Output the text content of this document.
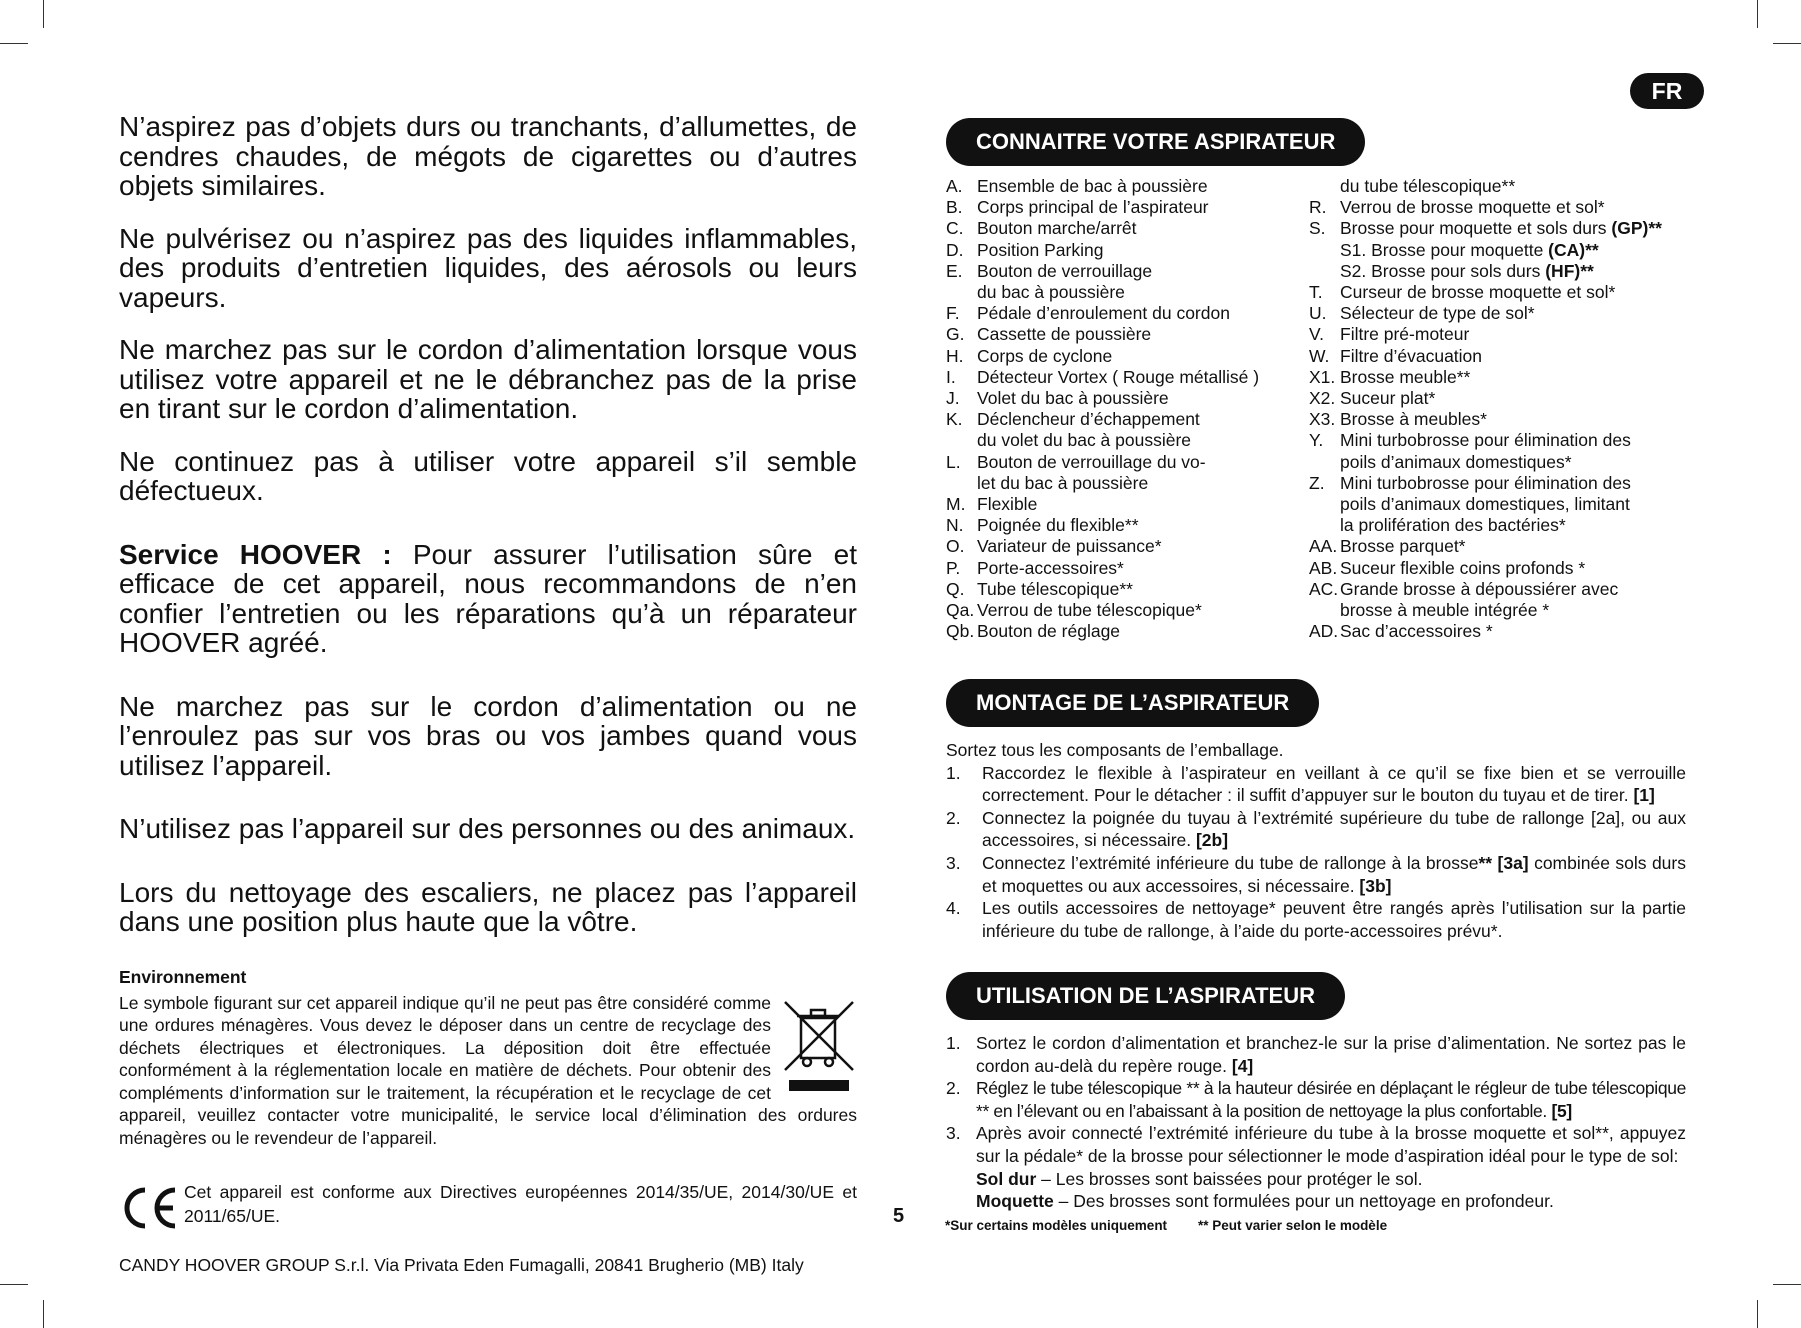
FR

N’aspirez pas d’objets durs ou tranchants, d’allumettes, de cendres chaudes, de mégots de cigarettes ou d’autres objets similaires.

Ne pulvérisez ou n’aspirez pas des liquides inflammables, des produits d’entretien liquides, des aérosols ou leurs vapeurs.

Ne marchez pas sur le cordon d’alimentation lorsque vous utilisez votre appareil et ne le débranchez pas de la prise en tirant sur le cordon d’alimentation.

Ne continuez pas à utiliser votre appareil s’il semble défectueux.

Service HOOVER : Pour assurer l’utilisation sûre et efficace de cet appareil, nous recommandons de n’en confier l’entretien ou les réparations qu’à un réparateur HOOVER agréé.

Ne marchez pas sur le cordon d’alimentation ou ne l’enroulez pas sur vos bras ou vos jambes quand vous utilisez l’appareil.

N’utilisez pas l’appareil sur des personnes ou des animaux.

Lors du nettoyage des escaliers, ne placez pas l’appareil dans une position plus haute que la vôtre.

Environnement

Le symbole figurant sur cet appareil indique qu’il ne peut pas être considéré comme une ordures ménagères. Vous devez le déposer dans un centre de recyclage des déchets électriques et électroniques. La déposition doit être effectuée conformément à la réglementation locale en matière de déchets. Pour obtenir des compléments d’information sur le traitement, la récupération et le recyclage de cet appareil, veuillez contacter votre municipalité, le service local d’élimination des ordures ménagères ou le revendeur de l’appareil.

Cet appareil est conforme aux Directives européennes 2014/35/UE, 2014/30/UE et 2011/65/UE.
CANDY HOOVER GROUP S.r.l. Via Privata Eden Fumagalli, 20841 Brugherio (MB) Italy
5
CONNAITRE VOTRE ASPIRATEUR
A. Ensemble de bac à poussière
B. Corps principal de l’aspirateur
C. Bouton marche/arrêt
D. Position Parking
E. Bouton de verrouillage
du bac à poussière
F. Pédale d’enroulement du cordon
G. Cassette de poussière
H. Corps de cyclone
I.	Détecteur Vortex ( Rouge métallisé )
J. Volet du bac à poussière
K. Déclencheur d’échappement
du volet du bac à poussière
L. Bouton de verrouillage du vo-
let du bac à poussière
M. Flexible
N. Poignée du flexible**
O. Variateur de puissance*
P. Porte-accessoires*
Q. Tube télescopique**
Qa. Verrou de tube télescopique*
Qb. Bouton de réglage
du tube télescopique**
R. Verrou de brosse moquette et sol*
S. Brosse pour moquette et sols durs (GP)**
S1. Brosse pour moquette (CA)**
S2. Brosse pour sols durs (HF)**
T. Curseur de brosse moquette et sol*
U. Sélecteur de type de sol*
V. Filtre pré-moteur
W. Filtre d’évacuation
X1. Brosse meuble**
X2. Suceur plat*
X3. Brosse à meubles*
Y. Mini turbobrosse pour élimination des
poils d’animaux domestiques*
Z. Mini turbobrosse pour élimination des
poils d’animaux domestiques, limitant
la prolifération des bactéries*
AA. Brosse parquet*
AB. Suceur flexible coins profonds *
AC. Grande brosse à dépoussiérer avec
brosse à meuble intégrée *
AD. Sac d’accessoires *
MONTAGE DE L’ASPIRATEUR
Sortez tous les composants de l’emballage.
1.	Raccordez le flexible à l’aspirateur en veillant à ce qu’il se fixe bien et se verrouille correctement. Pour le détacher : il suffit d’appuyer sur le bouton du tuyau et de tirer. [1]
2.	Connectez la poignée du tuyau à l’extrémité supérieure du tube de rallonge [2a], ou aux accessoires, si nécessaire. [2b]
3.	Connectez l’extrémité inférieure du tube de rallonge à la brosse** [3a] combinée sols durs et moquettes ou aux accessoires, si nécessaire. [3b]
4.	Les outils accessoires de nettoyage* peuvent être rangés après l’utilisation sur la partie inférieure du tube de rallonge, à l’aide du porte-accessoires prévu*.
UTILISATION DE L’ASPIRATEUR
1. Sortez le cordon d’alimentation et branchez-le sur la prise d’alimentation. Ne sortez pas le cordon au-delà du repère rouge. [4]
2. Réglez le tube télescopique ** à la hauteur désirée en déplaçant le régleur de tube télescopique ** en l’élevant ou en l’abaissant à la position de nettoyage la plus confortable. [5]
3. Après avoir connecté l’extrémité inférieure du tube à la brosse moquette et sol**, appuyez sur la pédale* de la brosse pour sélectionner le mode d’aspiration idéal pour le type de sol:
Sol dur – Les brosses sont baissées pour protéger le sol.
Moquette – Des brosses sont formulées pour un nettoyage en profondeur.
*Sur certains modèles uniquement ** Peut varier selon le modèle
